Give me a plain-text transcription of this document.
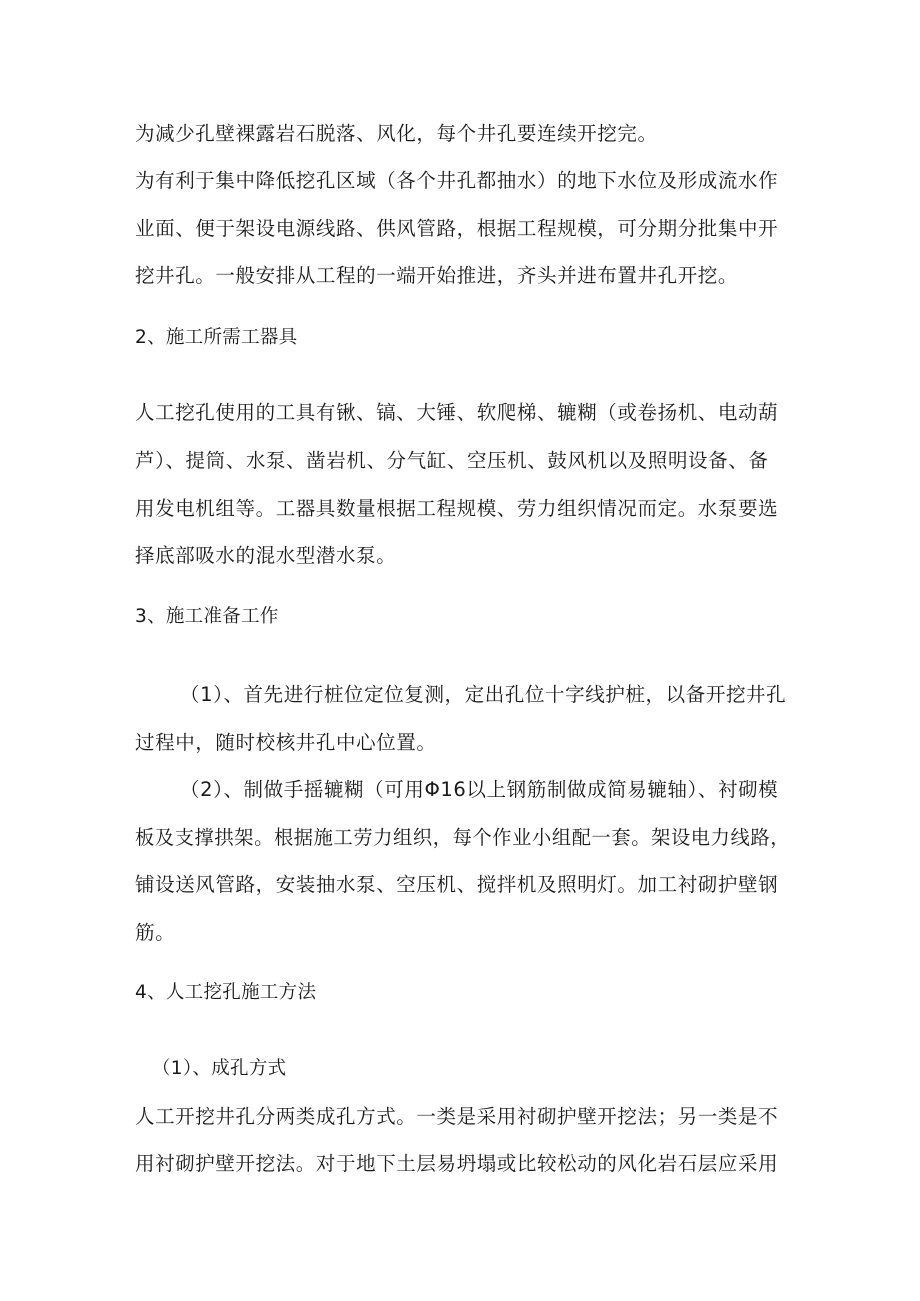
为减少孔壁裸露岩石脱落、风化，每个井孔要连续开挖完。
为有利于集中降低挖孔区域（各个井孔都抽水）的地下水位及形成流水作
业面、便于架设电源线路、供风管路，根据工程规模，可分期分批集中开
挖井孔。一般安排从工程的一端开始推进，齐头并进布置井孔开挖。
2、施工所需工器具
人工挖孔使用的工具有锹、镐、大锤、软爬梯、辘糊（或卷扬机、电动葫
芦）、提筒、水泵、凿岩机、分气缸、空压机、鼓风机以及照明设备、备
用发电机组等。工器具数量根据工程规模、劳力组织情况而定。水泵要选
择底部吸水的混水型潜水泵。
3、施工准备工作
（1）、首先进行桩位定位复测，定出孔位十字线护桩，以备开挖井孔
过程中，随时校核井孔中心位置。
（2）、制做手摇辘糊（可用Φ16以上钢筋制做成简易辘轴）、衬砌模
板及支撑拱架。根据施工劳力组织，每个作业小组配一套。架设电力线路，
铺设送风管路，安装抽水泵、空压机、搅拌机及照明灯。加工衬砌护壁钢
筋。
4、人工挖孔施工方法
（1）、成孔方式
人工开挖井孔分两类成孔方式。一类是采用衬砌护壁开挖法；另一类是不
用衬砌护壁开挖法。对于地下土层易坍塌或比较松动的风化岩石层应采用
